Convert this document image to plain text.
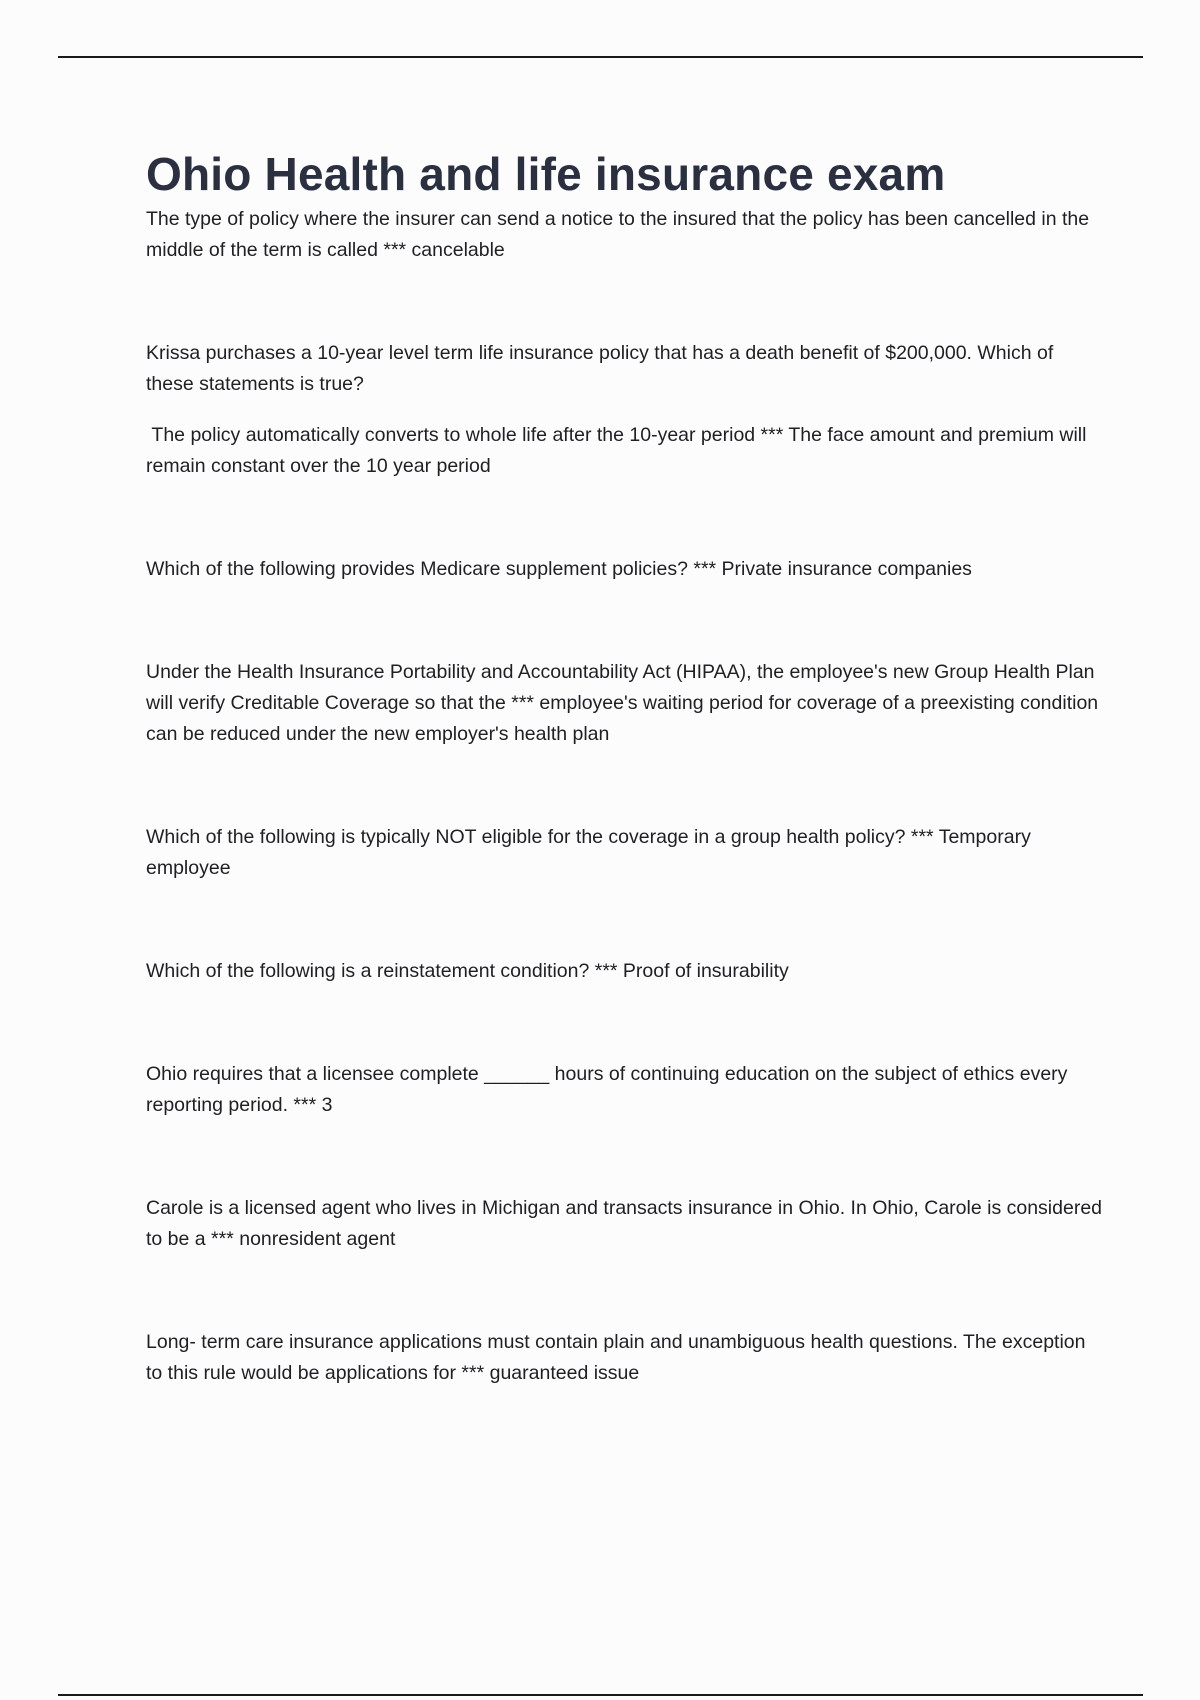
Ohio Health and life insurance exam

The type of policy where the insurer can send a notice to the insured that the policy has been cancelled in the middle of the term is called *** cancelable

Krissa purchases a 10-year level term life insurance policy that has a death benefit of $200,000. Which of these statements is true?

The policy automatically converts to whole life after the 10-year period *** The face amount and premium will remain constant over the 10 year period

Which of the following provides Medicare supplement policies? *** Private insurance companies

Under the Health Insurance Portability and Accountability Act (HIPAA), the employee's new Group Health Plan will verify Creditable Coverage so that the *** employee's waiting period for coverage of a preexisting condition can be reduced under the new employer's health plan

Which of the following is typically NOT eligible for the coverage in a group health policy? *** Temporary employee

Which of the following is a reinstatement condition? *** Proof of insurability

Ohio requires that a licensee complete ______ hours of continuing education on the subject of ethics every reporting period. *** 3

Carole is a licensed agent who lives in Michigan and transacts insurance in Ohio. In Ohio, Carole is considered to be a *** nonresident agent

Long- term care insurance applications must contain plain and unambiguous health questions. The exception to this rule would be applications for *** guaranteed issue
